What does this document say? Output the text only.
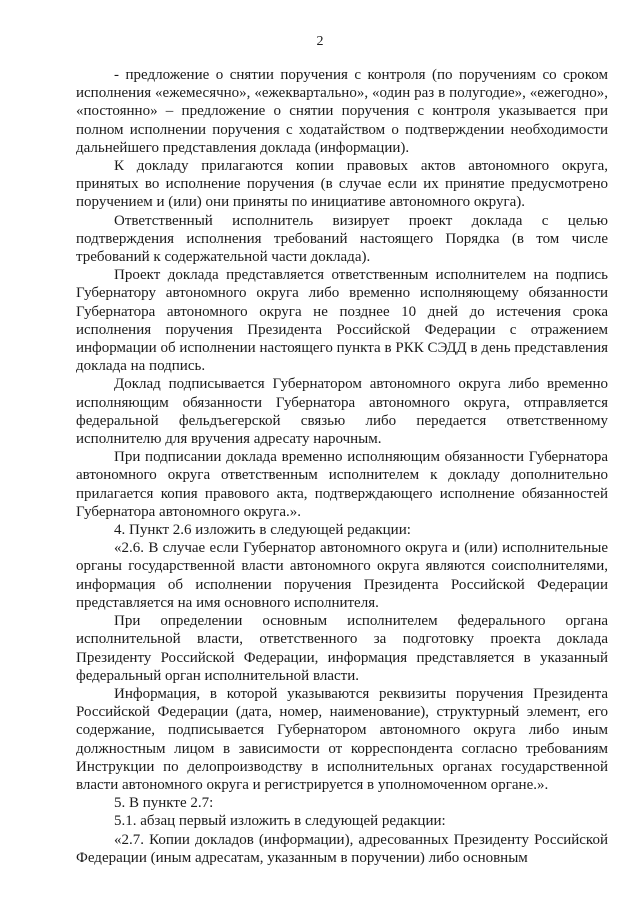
2

- предложение о снятии поручения с контроля (по поручениям со сроком исполнения «ежемесячно», «ежеквартально», «один раз в полугодие», «ежегодно», «постоянно» – предложение о снятии поручения с контроля указывается при полном исполнении поручения с ходатайством о подтверждении необходимости дальнейшего представления доклада (информации).

К докладу прилагаются копии правовых актов автономного округа, принятых во исполнение поручения (в случае если их принятие предусмотрено поручением и (или) они приняты по инициативе автономного округа).

Ответственный исполнитель визирует проект доклада с целью подтверждения исполнения требований настоящего Порядка (в том числе требований к содержательной части доклада).

Проект доклада представляется ответственным исполнителем на подпись Губернатору автономного округа либо временно исполняющему обязанности Губернатора автономного округа не позднее 10 дней до истечения срока исполнения поручения Президента Российской Федерации с отражением информации об исполнении настоящего пункта в РКК СЭДД в день представления доклада на подпись.

Доклад подписывается Губернатором автономного округа либо временно исполняющим обязанности Губернатора автономного округа, отправляется федеральной фельдъегерской связью либо передается ответственному исполнителю для вручения адресату нарочным.

При подписании доклада временно исполняющим обязанности Губернатора автономного округа ответственным исполнителем к докладу дополнительно прилагается копия правового акта, подтверждающего исполнение обязанностей Губернатора автономного округа.».

4. Пункт 2.6 изложить в следующей редакции:

«2.6. В случае если Губернатор автономного округа и (или) исполнительные органы государственной власти автономного округа являются соисполнителями, информация об исполнении поручения Президента Российской Федерации представляется на имя основного исполнителя.

При определении основным исполнителем федерального органа исполнительной власти, ответственного за подготовку проекта доклада Президенту Российской Федерации, информация представляется в указанный федеральный орган исполнительной власти.

Информация, в которой указываются реквизиты поручения Президента Российской Федерации (дата, номер, наименование), структурный элемент, его содержание, подписывается Губернатором автономного округа либо иным должностным лицом в зависимости от корреспондента согласно требованиям Инструкции по делопроизводству в исполнительных органах государственной власти автономного округа и регистрируется в уполномоченном органе.».

5. В пункте 2.7:

5.1. абзац первый изложить в следующей редакции:

«2.7. Копии докладов (информации), адресованных Президенту Российской Федерации (иным адресатам, указанным в поручении) либо основным
